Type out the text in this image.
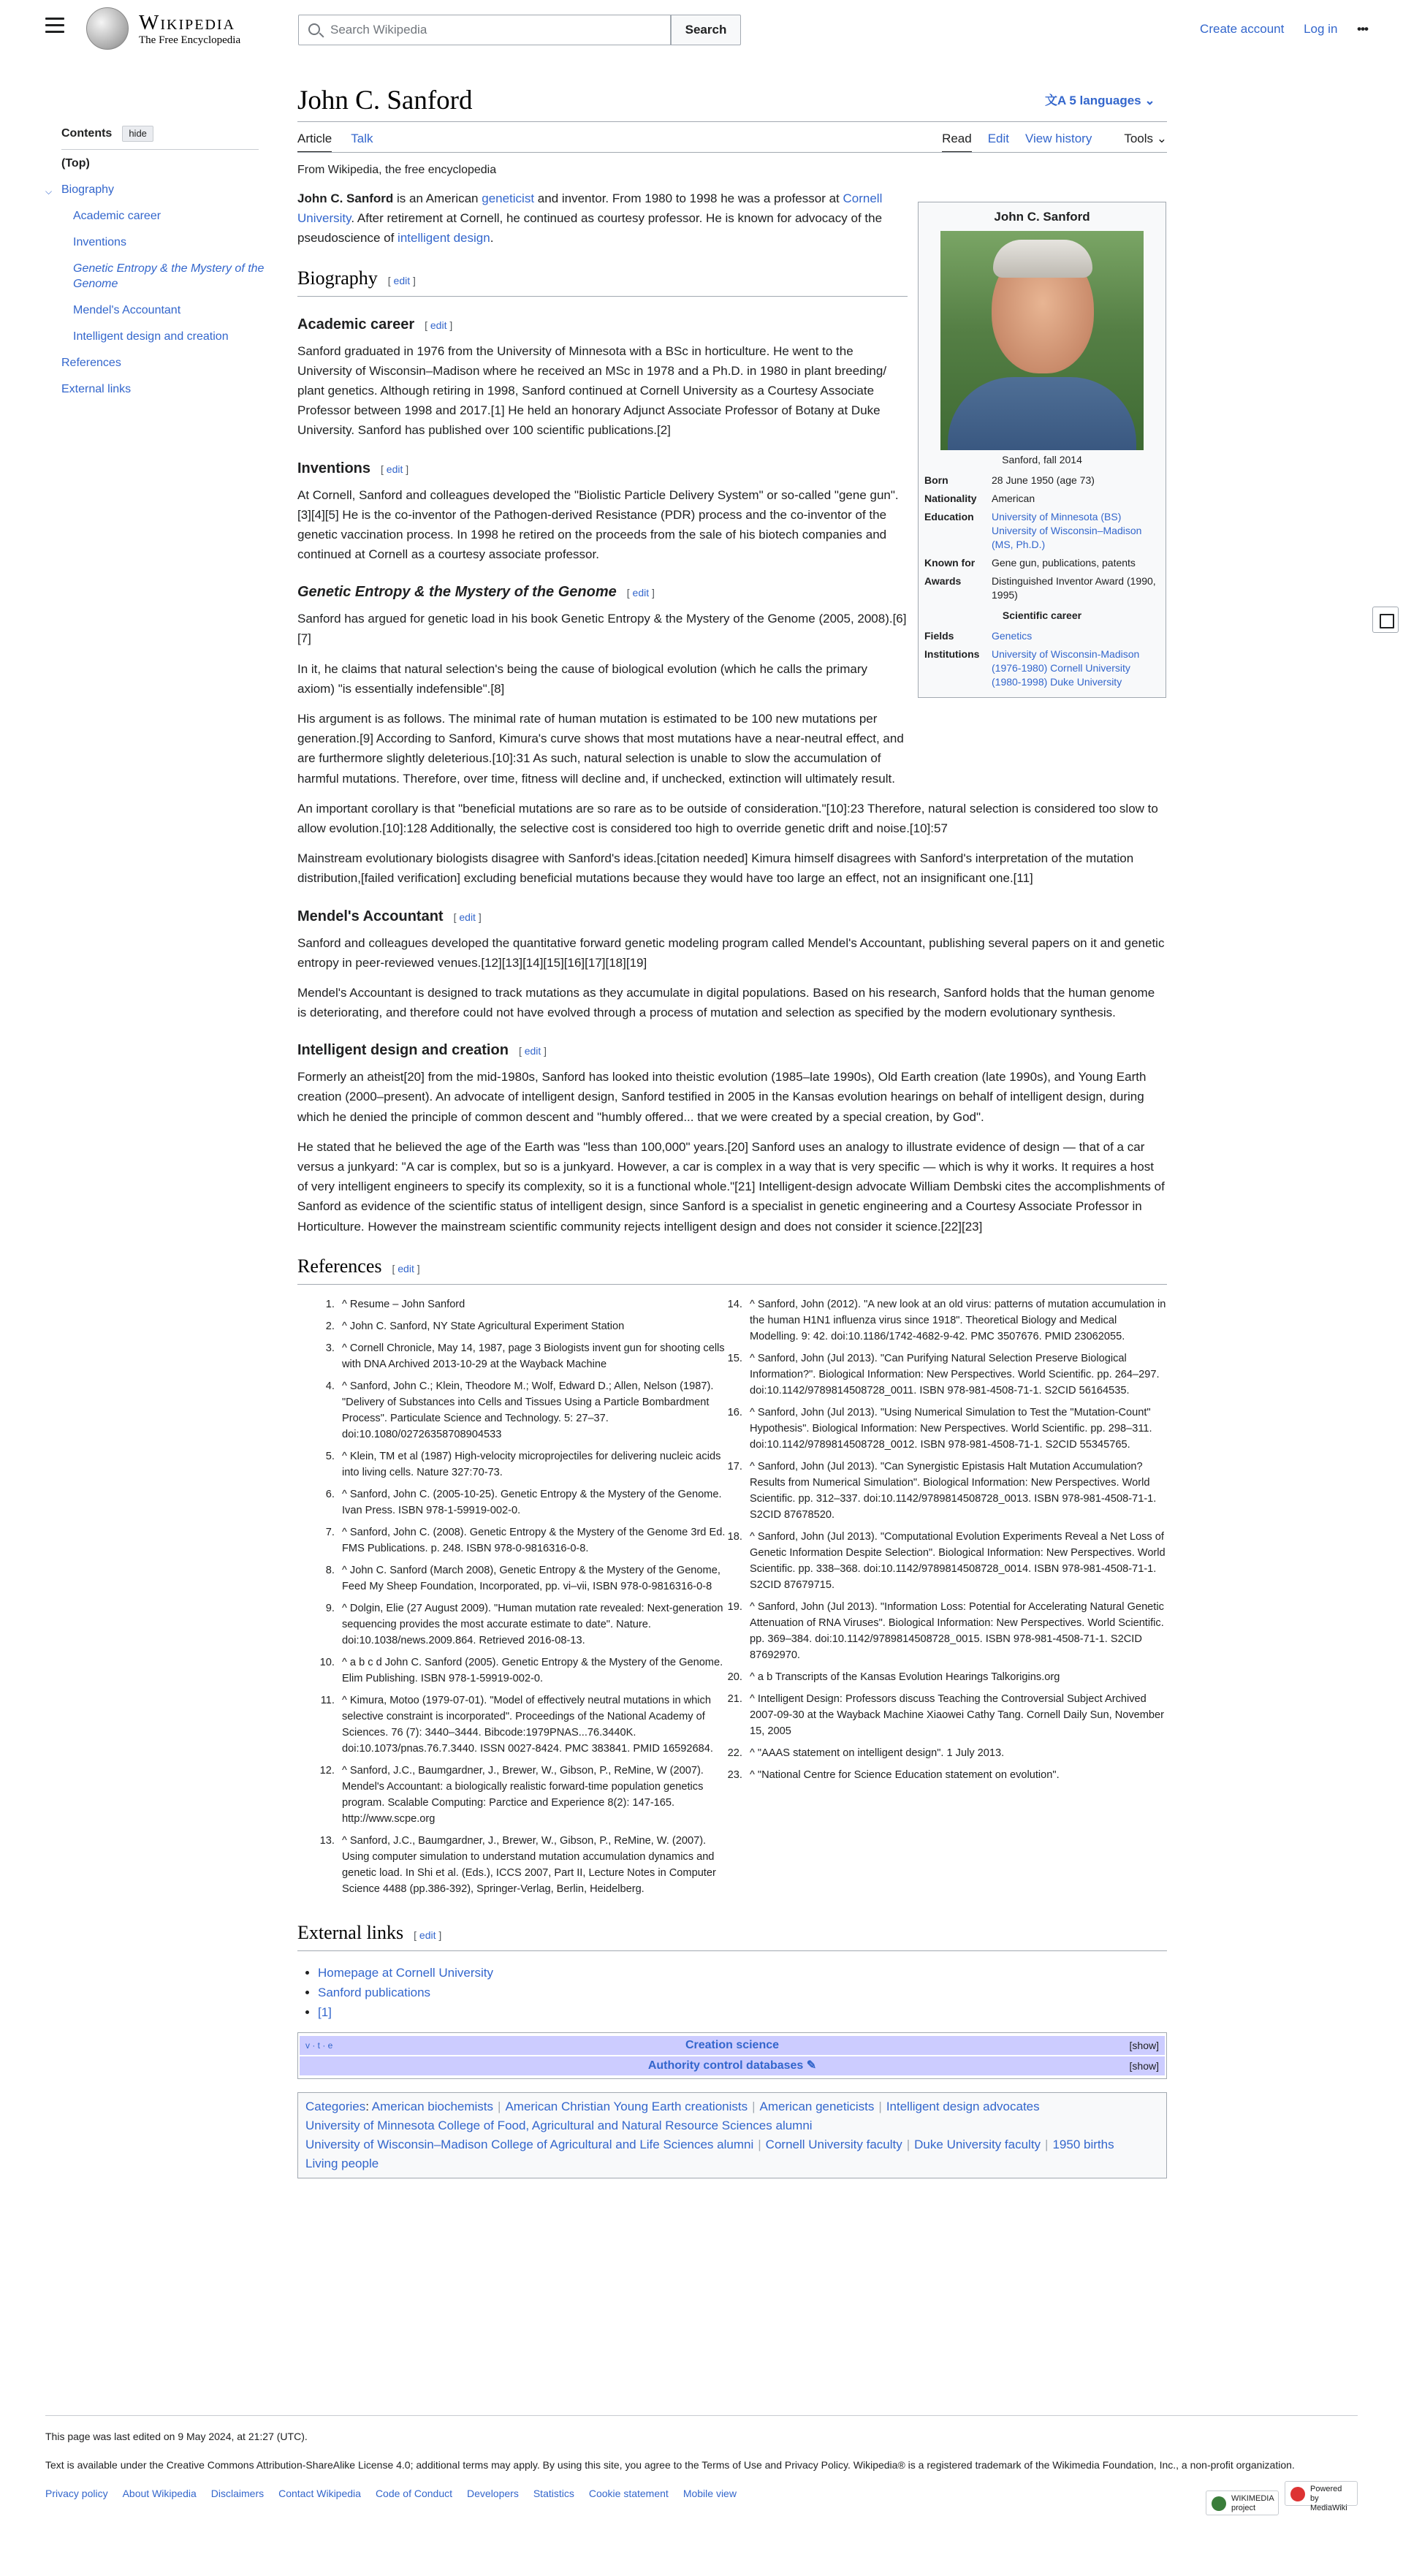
Wikipedia
The Free Encyclopedia
Search Wikipedia
Search	Create account Log in •••
John C. Sanford	文A 5 languages ⌄
Article Talk	Read Edit View history	Tools ⌄
From Wikipedia, the free encyclopedia
Contents hide
(Top)
⌵ Biography
Academic career
Inventions
Genetic Entropy & the Mystery of the Genome
Mendel's Accountant
Intelligent design and creation
References
External links
John C. Sanford
Sanford, fall 2014
Born	28 June 1950 (age 73)
Nationality	American
Education	University of Minnesota (BS) University of Wisconsin–Madison (MS, Ph.D.)
Known for	Gene gun, publications, patents
Awards	Distinguished Inventor Award (1990, 1995)
Scientific career	
Fields	Genetics
Institutions	University of Wisconsin-Madison (1976-1980) Cornell University (1980-1998) Duke University

John C. Sanford is an American geneticist and inventor. From 1980 to 1998 he was a professor at Cornell University. After retirement at Cornell, he continued as courtesy professor. He is known for advocacy of the pseudoscience of intelligent design.

Biography [ edit ]
Academic career [ edit ]

Sanford graduated in 1976 from the University of Minnesota with a BSc in horticulture. He went to the University of Wisconsin–Madison where he received an MSc in 1978 and a Ph.D. in 1980 in plant breeding/ plant genetics. Although retiring in 1998, Sanford continued at Cornell University as a Courtesy Associate Professor between 1998 and 2017.[1] He held an honorary Adjunct Associate Professor of Botany at Duke University. Sanford has published over 100 scientific publications.[2]

Inventions [ edit ]

At Cornell, Sanford and colleagues developed the "Biolistic Particle Delivery System" or so-called "gene gun".[3][4][5] He is the co-inventor of the Pathogen-derived Resistance (PDR) process and the co-inventor of the genetic vaccination process. In 1998 he retired on the proceeds from the sale of his biotech companies and continued at Cornell as a courtesy associate professor.

Genetic Entropy & the Mystery of the Genome [ edit ]

Sanford has argued for genetic load in his book Genetic Entropy & the Mystery of the Genome (2005, 2008).[6][7]

In it, he claims that natural selection's being the cause of biological evolution (which he calls the primary axiom) "is essentially indefensible".[8]

His argument is as follows. The minimal rate of human mutation is estimated to be 100 new mutations per generation.[9] According to Sanford, Kimura's curve shows that most mutations have a near-neutral effect, and are furthermore slightly deleterious.[10]:31 As such, natural selection is unable to slow the accumulation of harmful mutations. Therefore, over time, fitness will decline and, if unchecked, extinction will ultimately result.

An important corollary is that "beneficial mutations are so rare as to be outside of consideration."[10]:23 Therefore, natural selection is considered too slow to allow evolution.[10]:128 Additionally, the selective cost is considered too high to override genetic drift and noise.[10]:57

Mainstream evolutionary biologists disagree with Sanford's ideas.[citation needed] Kimura himself disagrees with Sanford's interpretation of the mutation distribution,[failed verification] excluding beneficial mutations because they would have too large an effect, not an insignificant one.[11]

Mendel's Accountant [ edit ]

Sanford and colleagues developed the quantitative forward genetic modeling program called Mendel's Accountant, publishing several papers on it and genetic entropy in peer-reviewed venues.[12][13][14][15][16][17][18][19]

Mendel's Accountant is designed to track mutations as they accumulate in digital populations. Based on his research, Sanford holds that the human genome is deteriorating, and therefore could not have evolved through a process of mutation and selection as specified by the modern evolutionary synthesis.

Intelligent design and creation [ edit ]

Formerly an atheist[20] from the mid-1980s, Sanford has looked into theistic evolution (1985–late 1990s), Old Earth creation (late 1990s), and Young Earth creation (2000–present). An advocate of intelligent design, Sanford testified in 2005 in the Kansas evolution hearings on behalf of intelligent design, during which he denied the principle of common descent and "humbly offered... that we were created by a special creation, by God".

He stated that he believed the age of the Earth was "less than 100,000" years.[20] Sanford uses an analogy to illustrate evidence of design — that of a car versus a junkyard: "A car is complex, but so is a junkyard. However, a car is complex in a way that is very specific — which is why it works. It requires a host of very intelligent engineers to specify its complexity, so it is a functional whole."[21] Intelligent-design advocate William Dembski cites the accomplishments of Sanford as evidence of the scientific status of intelligent design, since Sanford is a specialist in genetic engineering and a Courtesy Associate Professor in Horticulture. However the mainstream scientific community rejects intelligent design and does not consider it science.[22][23]

References [ edit ]
1. ^ Resume – John Sanford
2. ^ John C. Sanford, NY State Agricultural Experiment Station
3. ^ Cornell Chronicle, May 14, 1987, page 3 Biologists invent gun for shooting cells with DNA Archived 2013-10-29 at the Wayback Machine
4. ^ Sanford, John C.; Klein, Theodore M.; Wolf, Edward D.; Allen, Nelson (1987). "Delivery of Substances into Cells and Tissues Using a Particle Bombardment Process". Particulate Science and Technology. 5: 27–37. doi:10.1080/02726358708904533
5. ^ Klein, TM et al (1987) High-velocity microprojectiles for delivering nucleic acids into living cells. Nature 327:70-73.
6. ^ Sanford, John C. (2005-10-25). Genetic Entropy & the Mystery of the Genome. Ivan Press. ISBN 978-1-59919-002-0.
7. ^ Sanford, John C. (2008). Genetic Entropy & the Mystery of the Genome 3rd Ed. FMS Publications. p. 248. ISBN 978-0-9816316-0-8.
8. ^ John C. Sanford (March 2008), Genetic Entropy & the Mystery of the Genome, Feed My Sheep Foundation, Incorporated, pp. vi–vii, ISBN 978-0-9816316-0-8
9. ^ Dolgin, Elie (27 August 2009). "Human mutation rate revealed: Next-generation sequencing provides the most accurate estimate to date". Nature. doi:10.1038/news.2009.864. Retrieved 2016-08-13.
10. ^ a b c d John C. Sanford (2005). Genetic Entropy & the Mystery of the Genome. Elim Publishing. ISBN 978-1-59919-002-0.
11. ^ Kimura, Motoo (1979-07-01). "Model of effectively neutral mutations in which selective constraint is incorporated". Proceedings of the National Academy of Sciences. 76 (7): 3440–3444. Bibcode:1979PNAS...76.3440K. doi:10.1073/pnas.76.7.3440. ISSN 0027-8424. PMC 383841. PMID 16592684.
12. ^ Sanford, J.C., Baumgardner, J., Brewer, W., Gibson, P., ReMine, W (2007). Mendel's Accountant: a biologically realistic forward-time population genetics program. Scalable Computing: Parctice and Experience 8(2): 147-165. http://www.scpe.org
13. ^ Sanford, J.C., Baumgardner, J., Brewer, W., Gibson, P., ReMine, W. (2007). Using computer simulation to understand mutation accumulation dynamics and genetic load. In Shi et al. (Eds.), ICCS 2007, Part II, Lecture Notes in Computer Science 4488 (pp.386-392), Springer-Verlag, Berlin, Heidelberg.
14. ^ Sanford, John (2012). "A new look at an old virus: patterns of mutation accumulation in the human H1N1 influenza virus since 1918". Theoretical Biology and Medical Modelling. 9: 42. doi:10.1186/1742-4682-9-42. PMC 3507676. PMID 23062055.
15. ^ Sanford, John (Jul 2013). "Can Purifying Natural Selection Preserve Biological Information?". Biological Information: New Perspectives. World Scientific. pp. 264–297. doi:10.1142/9789814508728_0011. ISBN 978-981-4508-71-1. S2CID 56164535.
16. ^ Sanford, John (Jul 2013). "Using Numerical Simulation to Test the "Mutation-Count" Hypothesis". Biological Information: New Perspectives. World Scientific. pp. 298–311. doi:10.1142/9789814508728_0012. ISBN 978-981-4508-71-1. S2CID 55345765.
17. ^ Sanford, John (Jul 2013). "Can Synergistic Epistasis Halt Mutation Accumulation? Results from Numerical Simulation". Biological Information: New Perspectives. World Scientific. pp. 312–337. doi:10.1142/9789814508728_0013. ISBN 978-981-4508-71-1. S2CID 87678520.
18. ^ Sanford, John (Jul 2013). "Computational Evolution Experiments Reveal a Net Loss of Genetic Information Despite Selection". Biological Information: New Perspectives. World Scientific. pp. 338–368. doi:10.1142/9789814508728_0014. ISBN 978-981-4508-71-1. S2CID 87679715.
19. ^ Sanford, John (Jul 2013). "Information Loss: Potential for Accelerating Natural Genetic Attenuation of RNA Viruses". Biological Information: New Perspectives. World Scientific. pp. 369–384. doi:10.1142/9789814508728_0015. ISBN 978-981-4508-71-1. S2CID 87692970.
20. ^ a b Transcripts of the Kansas Evolution Hearings Talkorigins.org
21. ^ Intelligent Design: Professors discuss Teaching the Controversial Subject Archived 2007-09-30 at the Wayback Machine Xiaowei Cathy Tang. Cornell Daily Sun, November 15, 2005
22. ^ "AAAS statement on intelligent design". 1 July 2013.
23. ^ "National Centre for Science Education statement on evolution".
External links [ edit ]
• Homepage at Cornell University
• Sanford publications
• [1]
v · t · e	Creation science	[show]
Authority control databases ✎	[show]
Categories: American biochemists | American Christian Young Earth creationists | American geneticists | Intelligent design advocates
University of Minnesota College of Food, Agricultural and Natural Resource Sciences alumni
University of Wisconsin–Madison College of Agricultural and Life Sciences alumni | Cornell University faculty | Duke University faculty | 1950 births
Living people

This page was last edited on 9 May 2024, at 21:27 (UTC).

Text is available under the Creative Commons Attribution-ShareAlike License 4.0; additional terms may apply. By using this site, you agree to the Terms of Use and Privacy Policy. Wikipedia® is a registered trademark of the Wikimedia Foundation, Inc., a non-profit organization.

Privacy policy About Wikipedia Disclaimers Contact Wikipedia Code of Conduct Developers Statistics Cookie statement Mobile view	WIKIMEDIA projectPowered by MediaWiki
